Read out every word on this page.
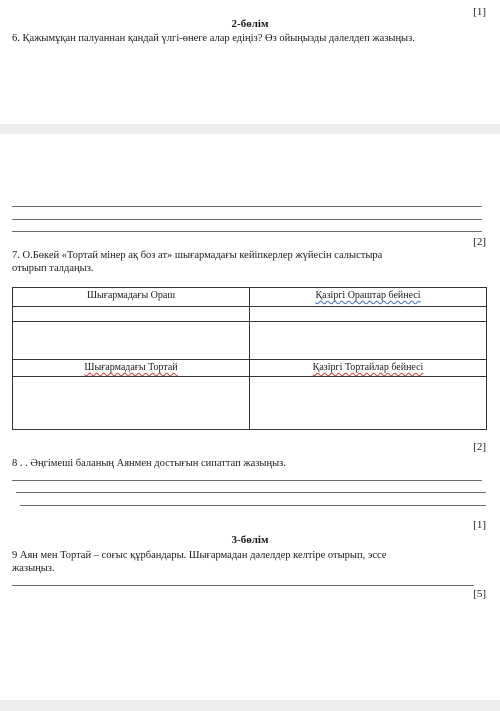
[1]
2-бөлім
6. Қажымұқан палуаннан қандай үлгі-өнеге алар едіңіз? Өз ойыңызды дәлелдеп жазыңыз.
[2]
7. О.Бөкей «Тортай мінер ақ боз ат» шығармадағы кейіпкерлер жүйесін салыстыра
отырып талдаңыз.
Шығармадағы Ораш	Қазіргі Ораштар бейнесі

Шығармадағы Тортай	Қазіргі Тортайлар бейнесі

[2]
8 . . Әңгімеші баланың Аянмен достығын сипаттап жазыңыз.
[1]
3-бөлім
9 Аян мен Тортай – соғыс құрбандары. Шығармадан дәлелдер келтіре отырып, эссе
жазыңыз.
[5]
